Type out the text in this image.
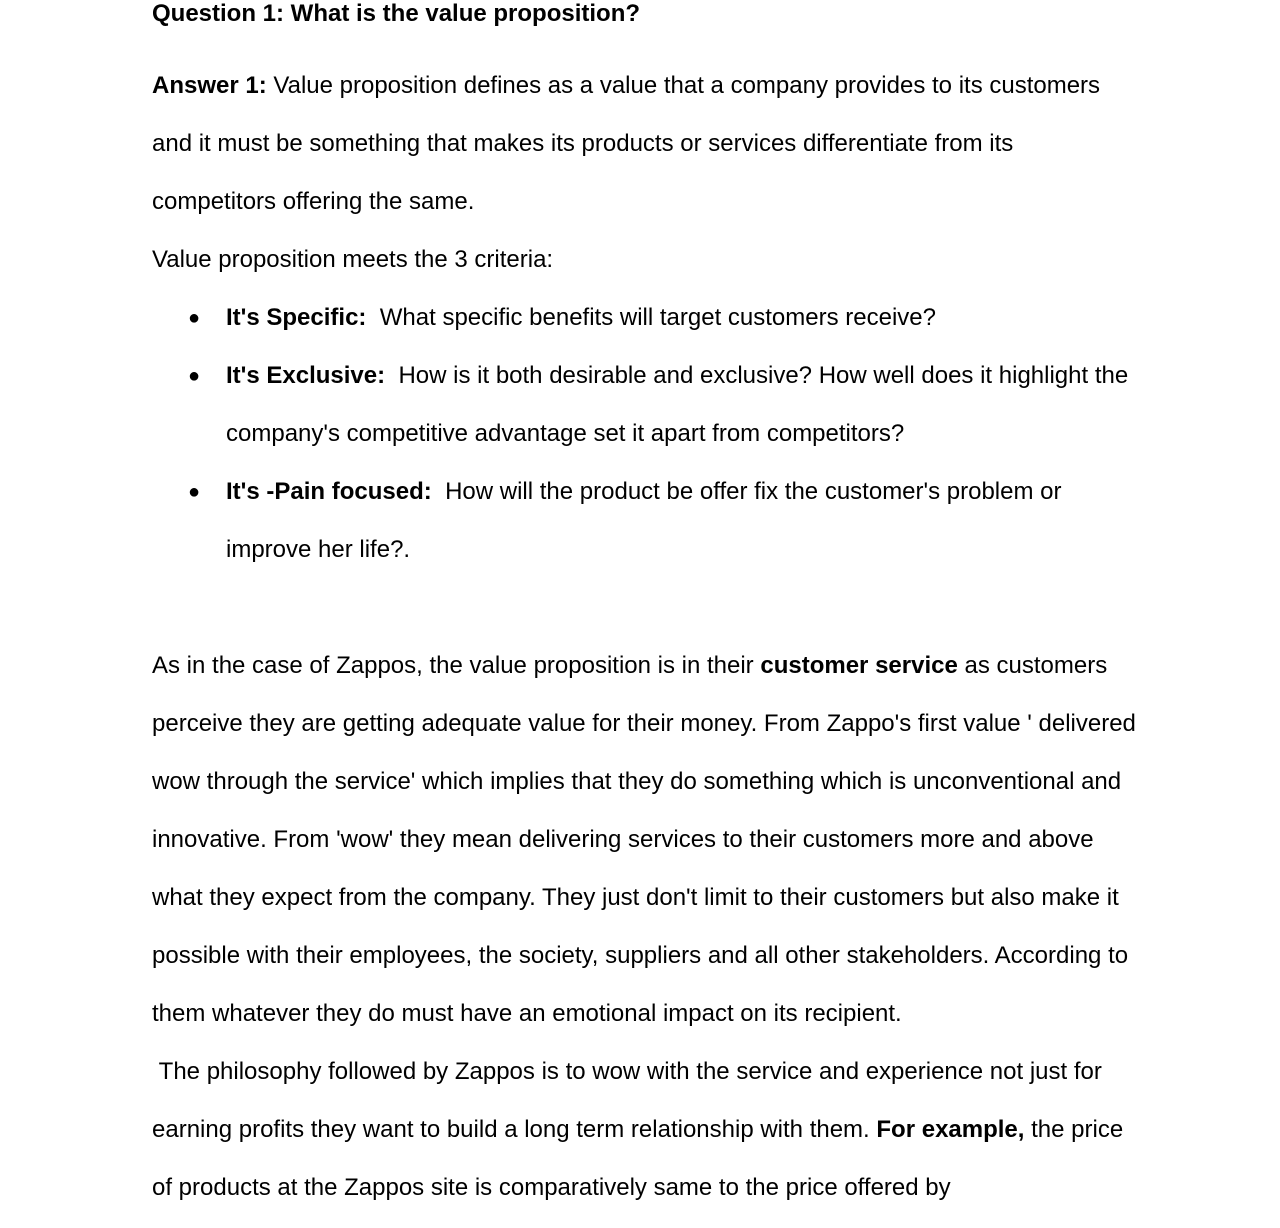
Question 1: What is the value proposition?

Answer 1: Value proposition defines as a value that a company provides to its customers and it must be something that makes its products or services differentiate from its competitors offering the same.

Value proposition meets the 3 criteria:

● It's Specific: What specific benefits will target customers receive?
● It's Exclusive: How is it both desirable and exclusive? How well does it highlight the company's competitive advantage set it apart from competitors?
● It's -Pain focused: How will the product be offer fix the customer's problem or improve her life?.

As in the case of Zappos, the value proposition is in their customer service as customers perceive they are getting adequate value for their money. From Zappo's first value ' delivered wow through the service' which implies that they do something which is unconventional and innovative. From 'wow' they mean delivering services to their customers more and above what they expect from the company. They just don't limit to their customers but also make it possible with their employees, the society, suppliers and all other stakeholders. According to them whatever they do must have an emotional impact on its recipient.

The philosophy followed by Zappos is to wow with the service and experience not just for earning profits they want to build a long term relationship with them. For example, the price of products at the Zappos site is comparatively same to the price offered by
